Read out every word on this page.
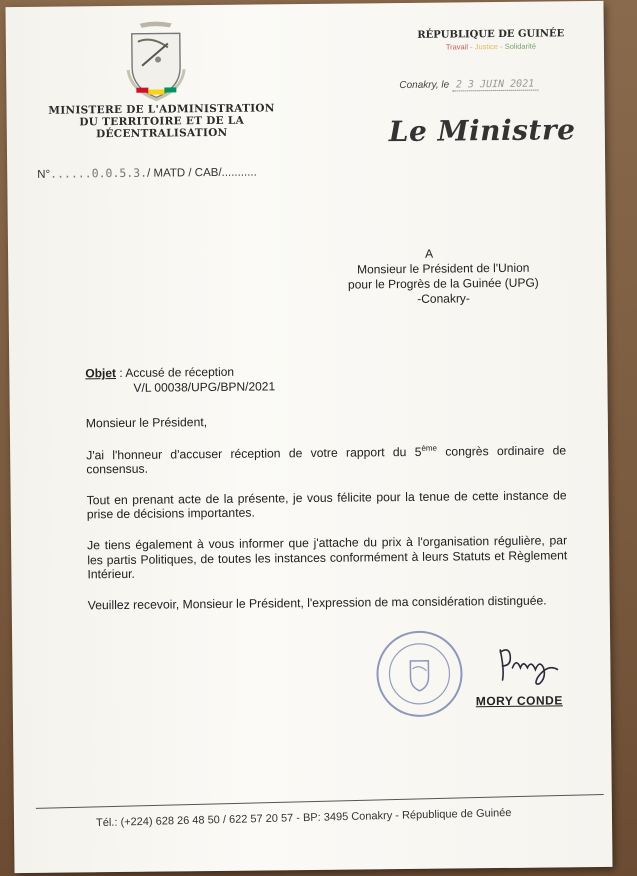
MINISTERE DE L'ADMINISTRATION
DU TERRITOIRE ET DE LA
DÉCENTRALISATION
N°......0.0.5.3./ MATD / CAB/...........
RÉPUBLIQUE DE GUINÉE
Travail - Justice - Solidarité
Conakry, le 2 3 JUIN 2021
Le Ministre
A
Monsieur le Président de l'Union
pour le Progrès de la Guinée (UPG)
-Conakry-
Objet : Accusé de réception
V/L 00038/UPG/BPN/2021

Monsieur le Président,

J'ai l'honneur d'accuser réception de votre rapport du 5ème congrès ordinaire de consensus.

Tout en prenant acte de la présente, je vous félicite pour la tenue de cette instance de prise de décisions importantes.

Je tiens également à vous informer que j'attache du prix à l'organisation régulière, par les partis Politiques, de toutes les instances conformément à leurs Statuts et Règlement Intérieur.

Veuillez recevoir, Monsieur le Président, l'expression de ma considération distinguée.

MORY CONDE
Tél.: (+224) 628 26 48 50 / 622 57 20 57 - BP: 3495 Conakry - République de Guinée
